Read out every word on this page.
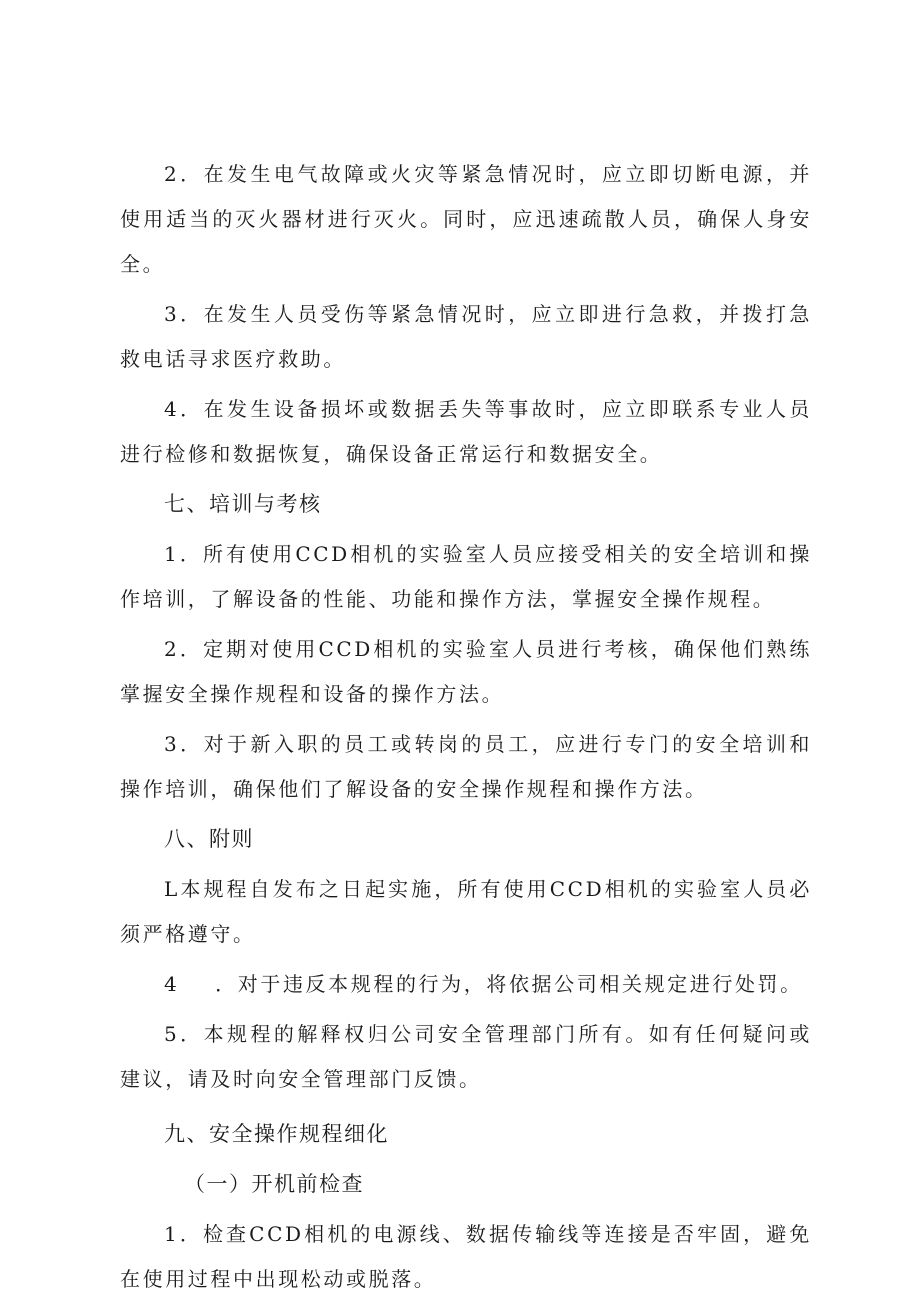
2．在发生电气故障或火灾等紧急情况时，应立即切断电源，并使用适当的灭火器材进行灭火。同时，应迅速疏散人员，确保人身安全。

3．在发生人员受伤等紧急情况时，应立即进行急救，并拨打急救电话寻求医疗救助。

4．在发生设备损坏或数据丢失等事故时，应立即联系专业人员进行检修和数据恢复，确保设备正常运行和数据安全。

七、培训与考核

1．所有使用CCD相机的实验室人员应接受相关的安全培训和操作培训，了解设备的性能、功能和操作方法，掌握安全操作规程。

2．定期对使用CCD相机的实验室人员进行考核，确保他们熟练掌握安全操作规程和设备的操作方法。

3．对于新入职的员工或转岗的员工，应进行专门的安全培训和操作培训，确保他们了解设备的安全操作规程和操作方法。

八、附则

L本规程自发布之日起实施，所有使用CCD相机的实验室人员必须严格遵守。

4    ．对于违反本规程的行为，将依据公司相关规定进行处罚。

5．本规程的解释权归公司安全管理部门所有。如有任何疑问或建议，请及时向安全管理部门反馈。

九、安全操作规程细化
（一）开机前检查

1．检查CCD相机的电源线、数据传输线等连接是否牢固，避免在使用过程中出现松动或脱落。
